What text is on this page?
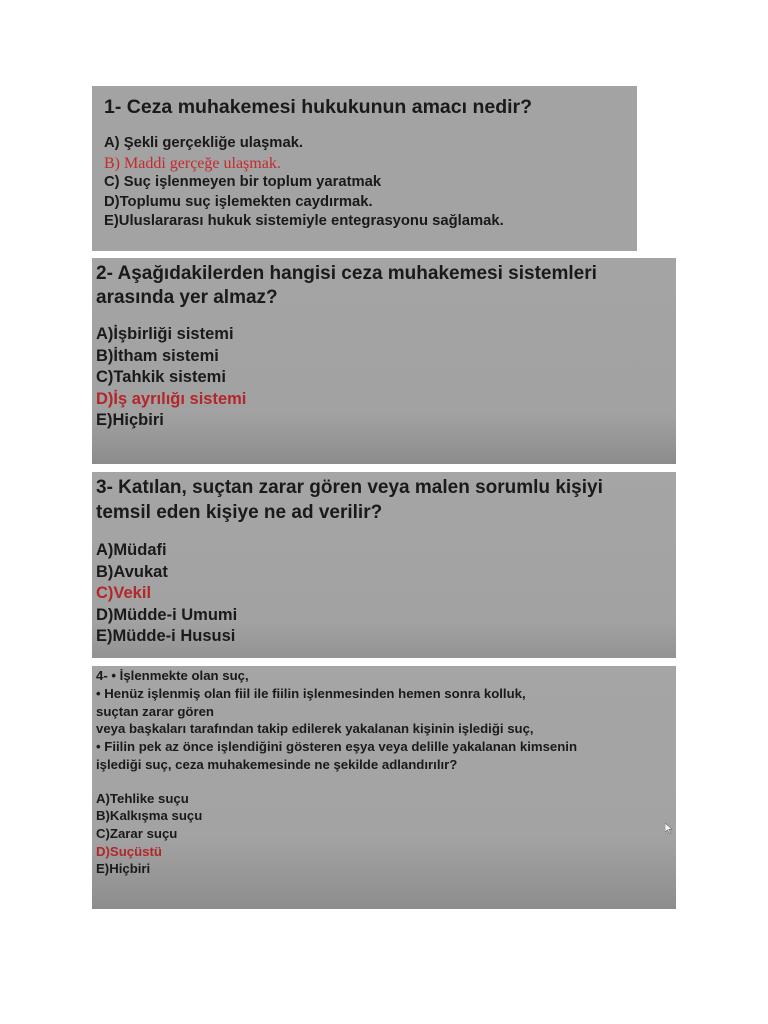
1- Ceza muhakemesi hukukunun amacı nedir?

A) Şekli gerçekliğe ulaşmak.
B) Maddi gerçeğe ulaşmak.
C) Suç işlenmeyen bir toplum yaratmak
D)Toplumu suç işlemekten caydırmak.
E)Uluslararası hukuk sistemiyle entegrasyonu sağlamak.

2- Aşağıdakilerden hangisi ceza muhakemesi sistemleri
arasında yer almaz?

A)İşbirliği sistemi
B)İtham sistemi
C)Tahkik sistemi
D)İş ayrılığı sistemi
E)Hiçbiri

3- Katılan, suçtan zarar gören veya malen sorumlu kişiyi
temsil eden kişiye ne ad verilir?

A)Müdafi
B)Avukat
C)Vekil
D)Müdde-i Umumi
E)Müdde-i Hususi
4- • İşlenmekte olan suç,
• Henüz işlenmiş olan fiil ile fiilin işlenmesinden hemen sonra kolluk,
suçtan zarar gören
veya başkaları tarafından takip edilerek yakalanan kişinin işlediği suç,
• Fiilin pek az önce işlendiğini gösteren eşya veya delille yakalanan kimsenin
işlediği suç, ceza muhakemesinde ne şekilde adlandırılır?
A)Tehlike suçu
B)Kalkışma suçu
C)Zarar suçu
D)Suçüstü
E)Hiçbiri
